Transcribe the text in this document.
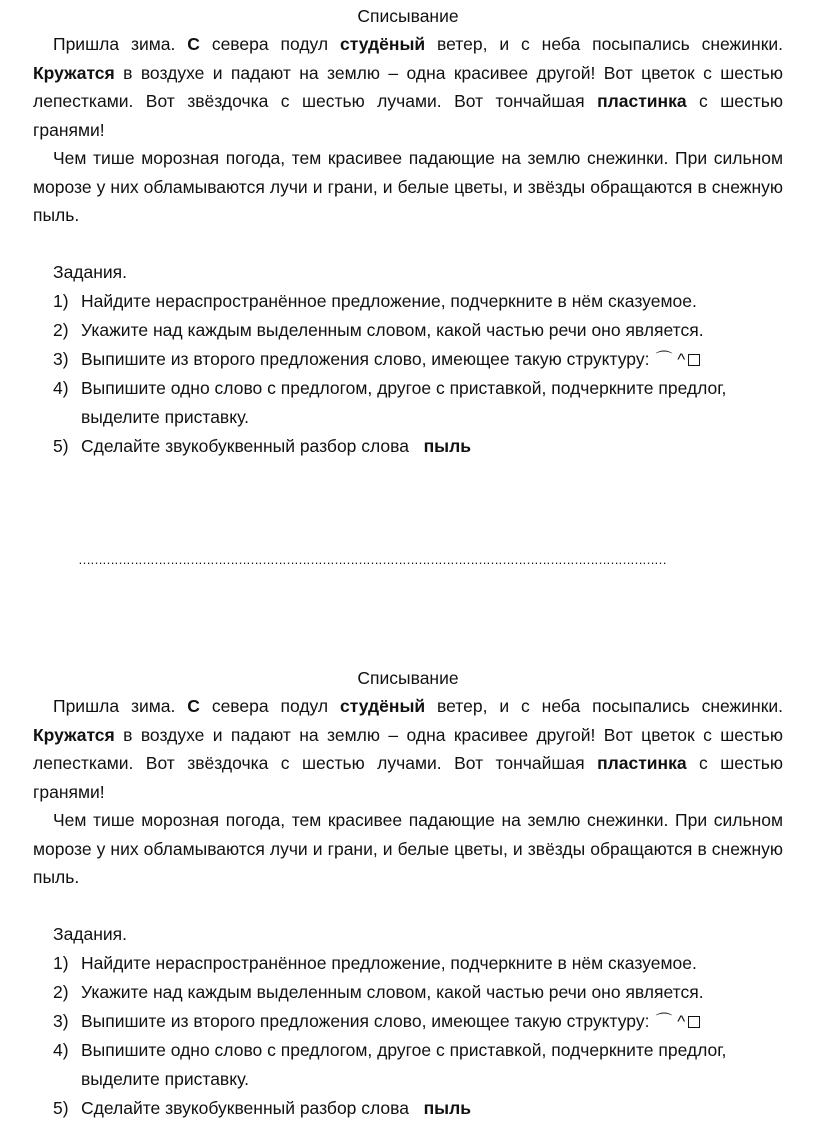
Списывание

Пришла зима. С севера подул студёный ветер, и с неба посыпались снежинки. Кружатся в воздухе и падают на землю – одна красивее другой! Вот цветок с шестью лепестками. Вот звёздочка с шестью лучами. Вот тончайшая пластинка с шестью гранями!

Чем тише морозная погода, тем красивее падающие на землю снежинки. При сильном морозе у них обламываются лучи и грани, и белые цветы, и звёзды обращаются в снежную пыль.

Задания.

1) Найдите нераспространённое предложение, подчеркните в нём сказуемое.
2) Укажите над каждым выделенным словом, какой частью речи оно является.
3) Выпишите из второго предложения слово, имеющее такую структуру: ⌒ ^
4) Выпишите одно слово с предлогом, другое с приставкой, подчеркните предлог, выделите приставку.
5) Сделайте звукобуквенный разбор слова пыль
…………………………………………………………………………………………………………………………………

Списывание

Пришла зима. С севера подул студёный ветер, и с неба посыпались снежинки. Кружатся в воздухе и падают на землю – одна красивее другой! Вот цветок с шестью лепестками. Вот звёздочка с шестью лучами. Вот тончайшая пластинка с шестью гранями!

Чем тише морозная погода, тем красивее падающие на землю снежинки. При сильном морозе у них обламываются лучи и грани, и белые цветы, и звёзды обращаются в снежную пыль.

Задания.

1) Найдите нераспространённое предложение, подчеркните в нём сказуемое.
2) Укажите над каждым выделенным словом, какой частью речи оно является.
3) Выпишите из второго предложения слово, имеющее такую структуру: ⌒ ^
4) Выпишите одно слово с предлогом, другое с приставкой, подчеркните предлог, выделите приставку.
5) Сделайте звукобуквенный разбор слова пыль
